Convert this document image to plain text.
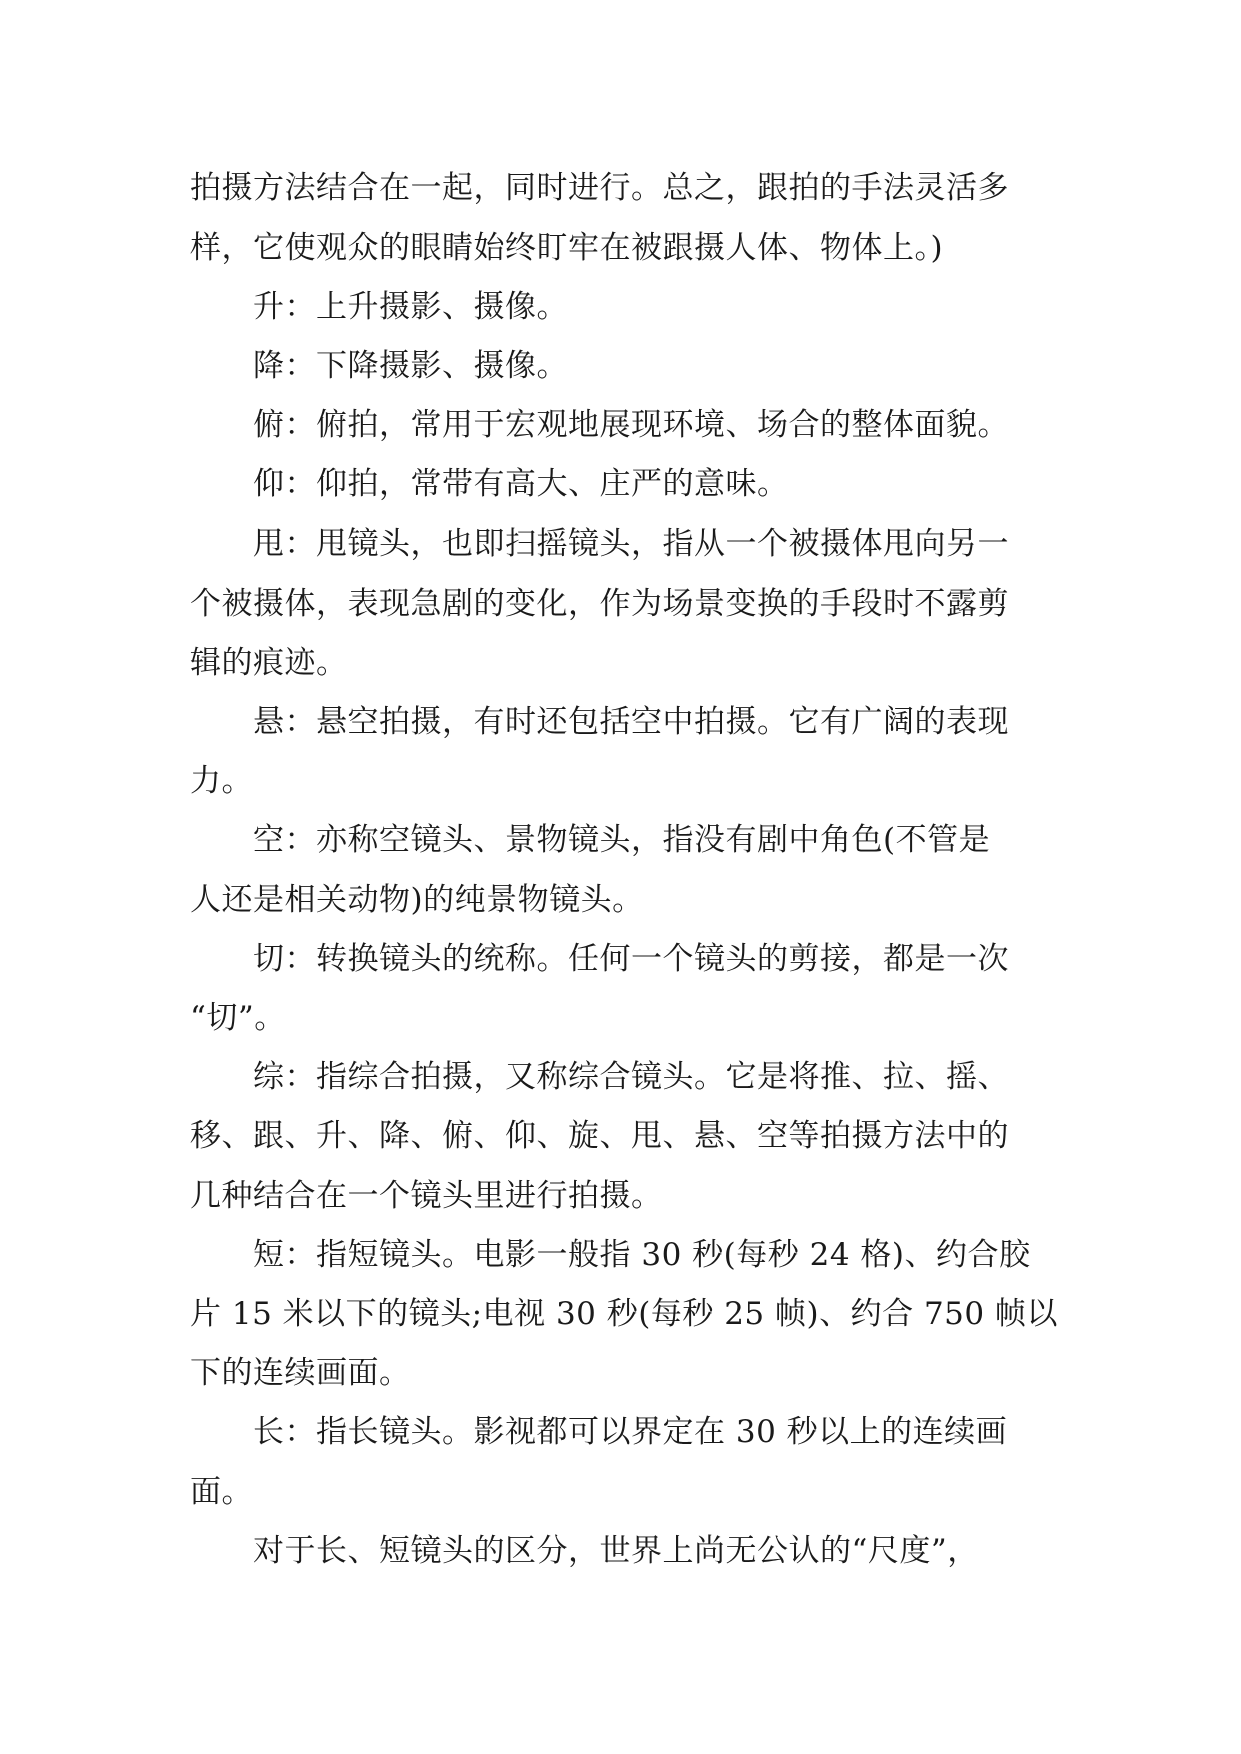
拍摄方法结合在一起，同时进行。总之，跟拍的手法灵活多
样，它使观众的眼睛始终盯牢在被跟摄人体、物体上。)
升：上升摄影、摄像。
降：下降摄影、摄像。
俯：俯拍，常用于宏观地展现环境、场合的整体面貌。
仰：仰拍，常带有高大、庄严的意味。
甩：甩镜头，也即扫摇镜头，指从一个被摄体甩向另一
个被摄体，表现急剧的变化，作为场景变换的手段时不露剪
辑的痕迹。
悬：悬空拍摄，有时还包括空中拍摄。它有广阔的表现
力。
空：亦称空镜头、景物镜头，指没有剧中角色(不管是
人还是相关动物)的纯景物镜头。
切：转换镜头的统称。任何一个镜头的剪接，都是一次
“切”。
综：指综合拍摄，又称综合镜头。它是将推、拉、摇、
移、跟、升、降、俯、仰、旋、甩、悬、空等拍摄方法中的
几种结合在一个镜头里进行拍摄。
短：指短镜头。电影一般指 30 秒(每秒 24 格)、约合胶
片 15 米以下的镜头;电视 30 秒(每秒 25 帧)、约合 750 帧以
下的连续画面。
长：指长镜头。影视都可以界定在 30 秒以上的连续画
面。
对于长、短镜头的区分，世界上尚无公认的“尺度”，
